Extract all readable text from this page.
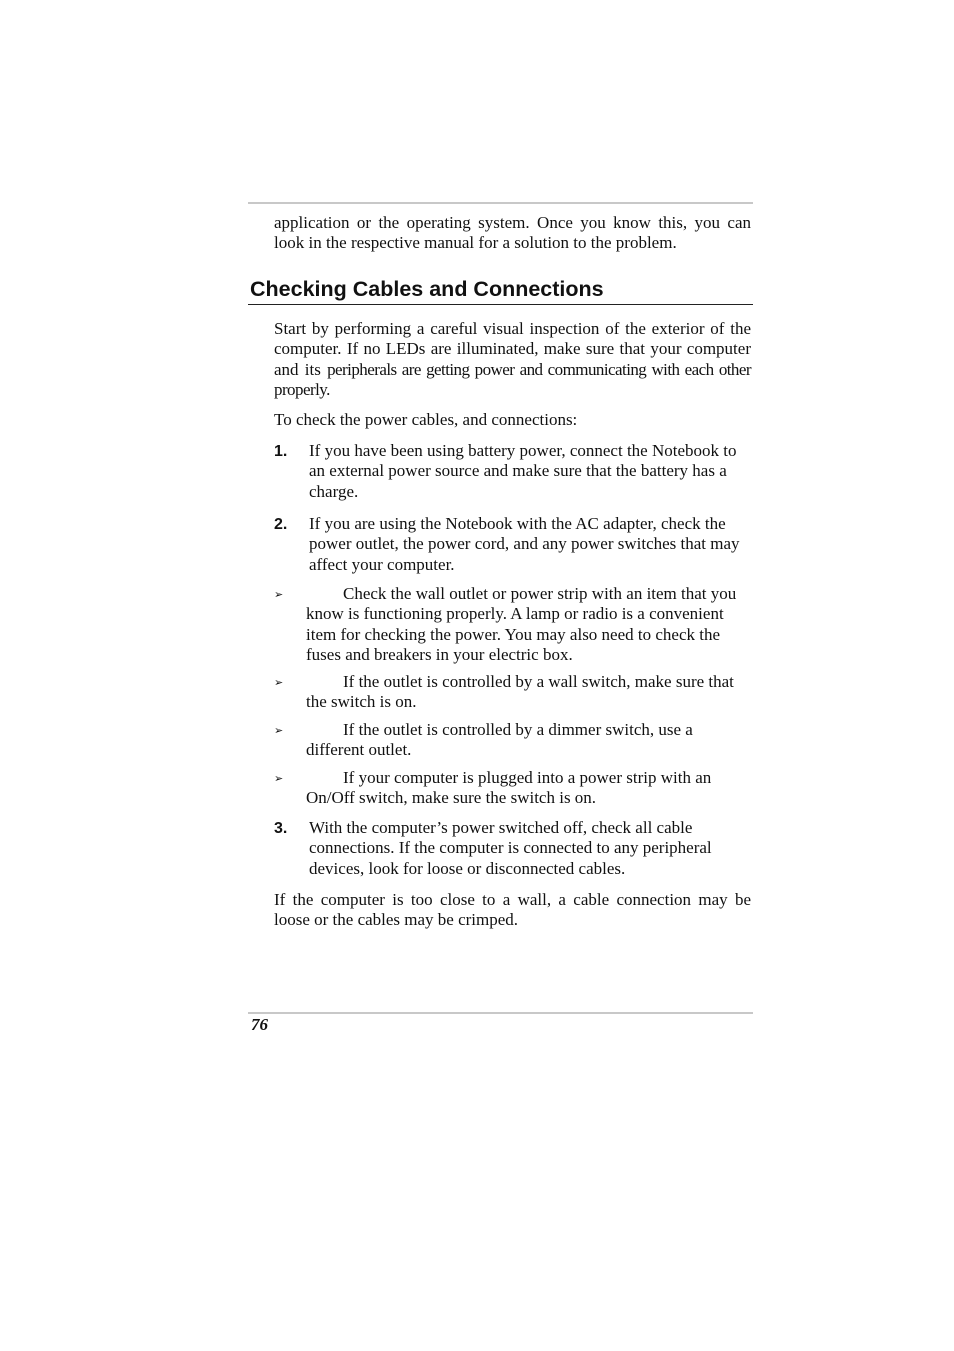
application or the operating system. Once you know this, you can look in the respective manual for a solution to the problem.

Checking Cables and Connections

Start by performing a careful visual inspection of the exterior of the computer. If no LEDs are illuminated, make sure that your computer and its peripherals are getting power and communicating with each other properly.

To check the power cables, and connections:

1. If you have been using battery power, connect the Notebook to an external power source and make sure that the battery has a charge.
2. If you are using the Notebook with the AC adapter, check the power outlet, the power cord, and any power switches that may affect your computer.
➢	Check the wall outlet or power strip with an item that you know is functioning properly. A lamp or radio is a convenient item for checking the power. You may also need to check the fuses and breakers in your electric box.
➢	If the outlet is controlled by a wall switch, make sure that the switch is on.
➢	If the outlet is controlled by a dimmer switch, use a different outlet.
➢	If your computer is plugged into a power strip with an On/Off switch, make sure the switch is on.
3. With the computer’s power switched off, check all cable connections. If the computer is connected to any peripheral devices, look for loose or disconnected cables.

If the computer is too close to a wall, a cable connection may be loose or the cables may be crimped.

76
